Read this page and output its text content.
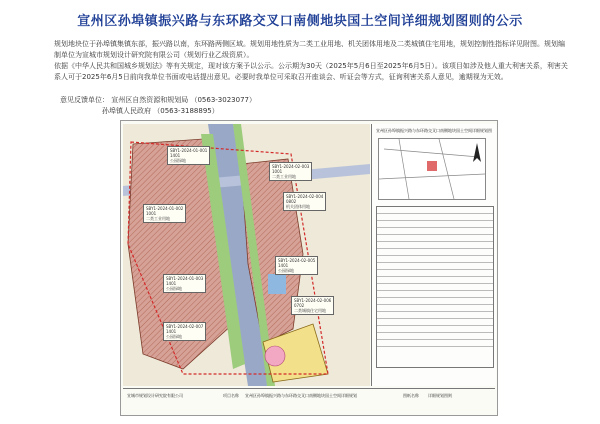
宣州区孙埠镇振兴路与东环路交叉口南侧地块国土空间详细规划图则的公示

规划地块位于孙埠镇集镇东部，振兴路以南，东环路两侧区域。规划用地性质为二类工业用地、机关团体用地及二类城镇住宅用地，规划控制性指标详见附图。规划编制单位为宣城市规划设计研究院有限公司（规划行业乙级资质）。

依据《中华人民共和国城乡规划法》等有关规定，现对该方案予以公示。公示期为30天（2025年5月6日至2025年6月5日）。该项目如涉及他人重大利害关系，利害关系人可于2025年6月5日前向我单位书面或电话提出意见。必要时我单位可采取召开座谈会、听证会等方式，征询利害关系人意见，逾期视为无效。

意见反馈单位： 宣州区自然资源和规划局 （0563-3023077）
孙埠镇人民政府 （0563-3188895）
SBY1-2024-01-001
1401
公园绿地
SBY1-2024-02-003
1001
二类工业用地
SBY1-2024-02-004
0802
机关团体用地
SBY1-2024-01-002
1001
二类工业用地
SBY1-2024-02-005
1401
公园绿地
SBY1-2024-01-003
1401
公园绿地
SBY1-2024-02-006
0702
二类城镇住宅用地
SBY1-2024-02-007
1401
公园绿地
宣州区孙埠镇振兴路与东环路交叉口南侧地块国土空间详细规划图
宣城市规划设计研究院有限公司	项目名称 宣州区孙埠镇振兴路与东环路交叉口南侧地块国土空间详细规划	图纸名称 详细规划图则
